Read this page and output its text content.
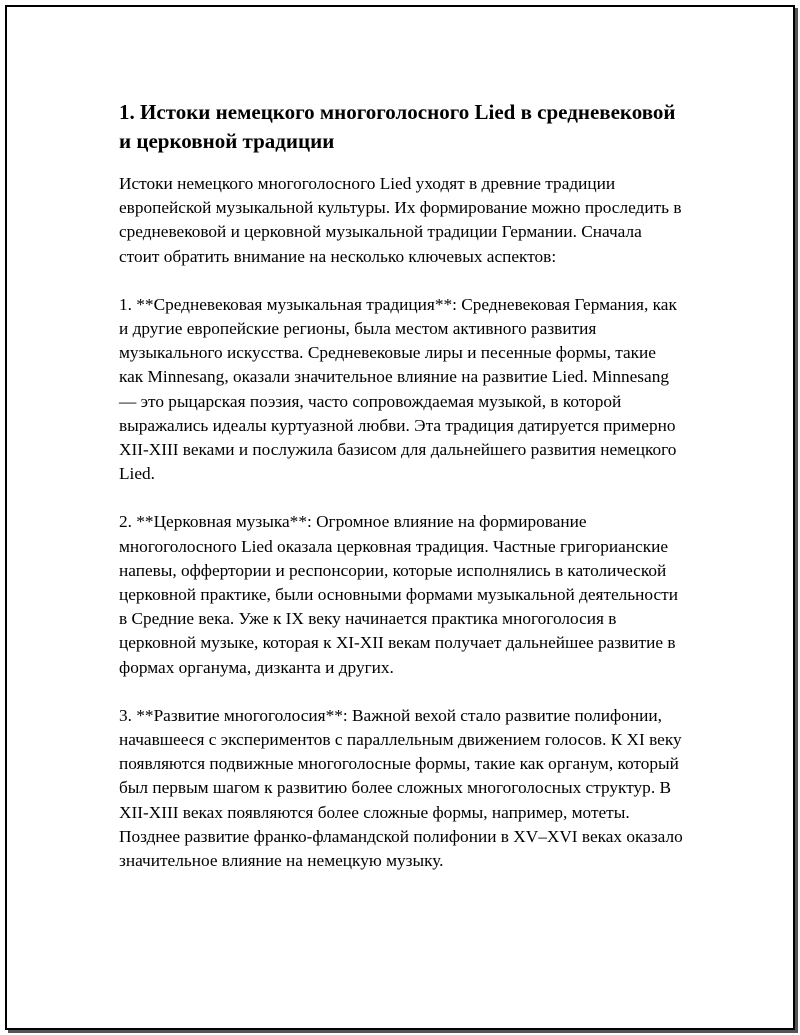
1. Истоки немецкого многоголосного Lied в средневековой и церковной традиции

Истоки немецкого многоголосного Lied уходят в древние традиции европейской музыкальной культуры. Их формирование можно проследить в средневековой и церковной музыкальной традиции Германии. Сначала стоит обратить внимание на несколько ключевых аспектов:

1. **Средневековая музыкальная традиция**: Средневековая Германия, как и другие европейские регионы, была местом активного развития музыкального искусства. Средневековые лиры и песенные формы, такие как Minnesang, оказали значительное влияние на развитие Lied. Minnesang — это рыцарская поэзия, часто сопровождаемая музыкой, в которой выражались идеалы куртуазной любви. Эта традиция датируется примерно XII-XIII веками и послужила базисом для дальнейшего развития немецкого Lied.

2. **Церковная музыка**: Огромное влияние на формирование многоголосного Lied оказала церковная традиция. Частные григорианские напевы, оффертории и респонсории, которые исполнялись в католической церковной практике, были основными формами музыкальной деятельности в Средние века. Уже к IX веку начинается практика многоголосия в церковной музыке, которая к XI-XII векам получает дальнейшее развитие в формах органума, дизканта и других.

3. **Развитие многоголосия**: Важной вехой стало развитие полифонии, начавшееся с экспериментов с параллельным движением голосов. К XI веку появляются подвижные многоголосные формы, такие как органум, который был первым шагом к развитию более сложных многоголосных структур. В XII-XIII веках появляются более сложные формы, например, мотеты. Позднее развитие франко-фламандской полифонии в XV–XVI веках оказало значительное влияние на немецкую музыку.
